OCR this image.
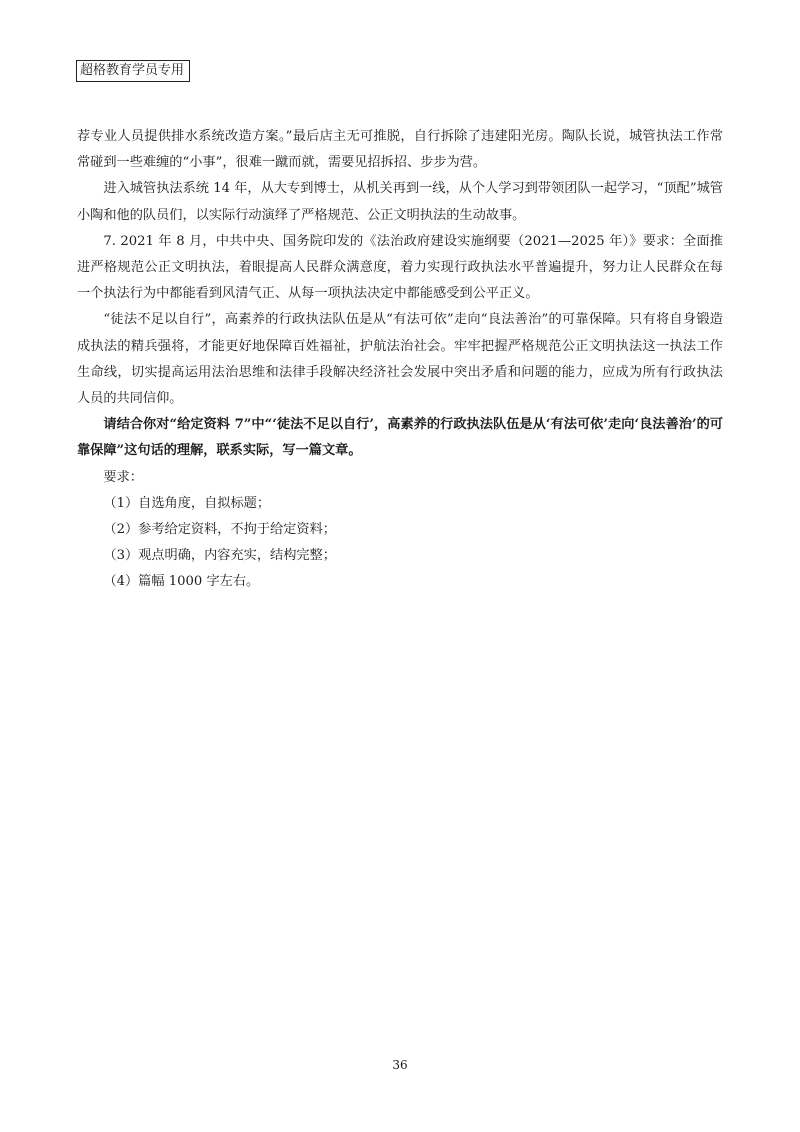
超格教育学员专用

荐专业人员提供排水系统改造方案。”最后店主无可推脱，自行拆除了违建阳光房。陶队长说，城管执法工作常常碰到一些难缠的“小事”，很难一蹴而就，需要见招拆招、步步为营。

进入城管执法系统 14 年，从大专到博士，从机关再到一线，从个人学习到带领团队一起学习，“顶配”城管小陶和他的队员们，以实际行动演绎了严格规范、公正文明执法的生动故事。

7. 2021 年 8 月，中共中央、国务院印发的《法治政府建设实施纲要（2021—2025 年）》要求：全面推进严格规范公正文明执法，着眼提高人民群众满意度，着力实现行政执法水平普遍提升，努力让人民群众在每一个执法行为中都能看到风清气正、从每一项执法决定中都能感受到公平正义。

“徒法不足以自行”，高素养的行政执法队伍是从“有法可依”走向“良法善治”的可靠保障。只有将自身锻造成执法的精兵强将，才能更好地保障百姓福祉，护航法治社会。牢牢把握严格规范公正文明执法这一执法工作生命线，切实提高运用法治思维和法律手段解决经济社会发展中突出矛盾和问题的能力，应成为所有行政执法人员的共同信仰。

请结合你对“给定资料 7”中“‘徒法不足以自行’，高素养的行政执法队伍是从‘有法可依’走向‘良法善治’的可靠保障”这句话的理解，联系实际，写一篇文章。

要求：

（1）自选角度，自拟标题；

（2）参考给定资料，不拘于给定资料；

（3）观点明确，内容充实，结构完整；

（4）篇幅 1000 字左右。

36
